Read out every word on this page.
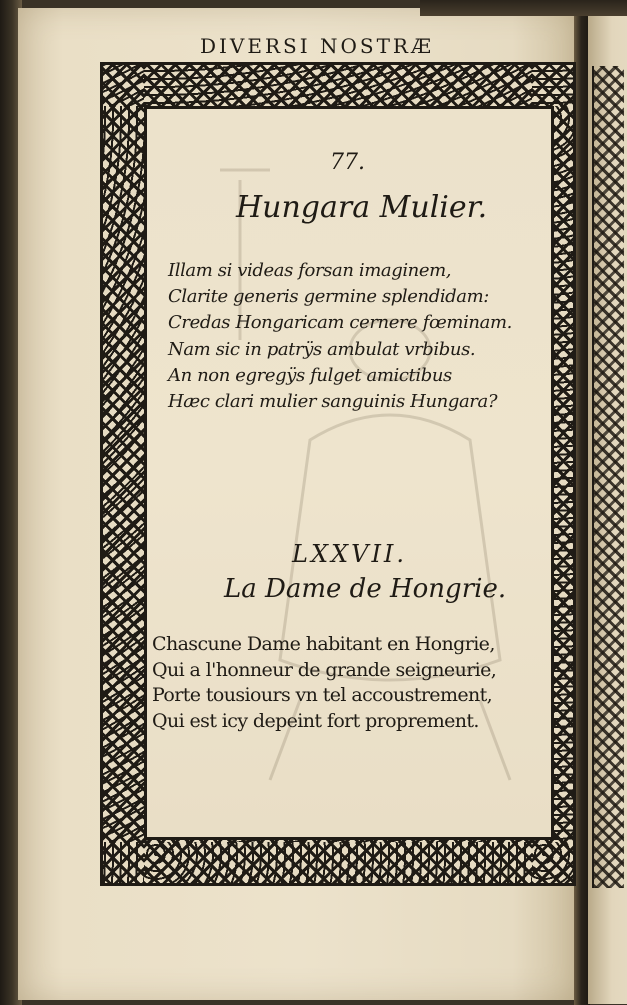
DIVERSI NOSTRÆ
77.
Hungara Mulier.
Illam si videas forsan imaginem,
Clarite generis germine splendidam:
Credas Hongaricam cernere fœminam.
Nam sic in patrÿs ambulat vrbibus.
An non egregÿs fulget amictibus
Hæc clari mulier sanguinis Hungara?
LXXVII.
La Dame de Hongrie.
Chascune Dame habitant en Hongrie,
Qui a l'honneur de grande seigneurie,
Porte tousiours vn tel accoustrement,
Qui est icy depeint fort proprement.
